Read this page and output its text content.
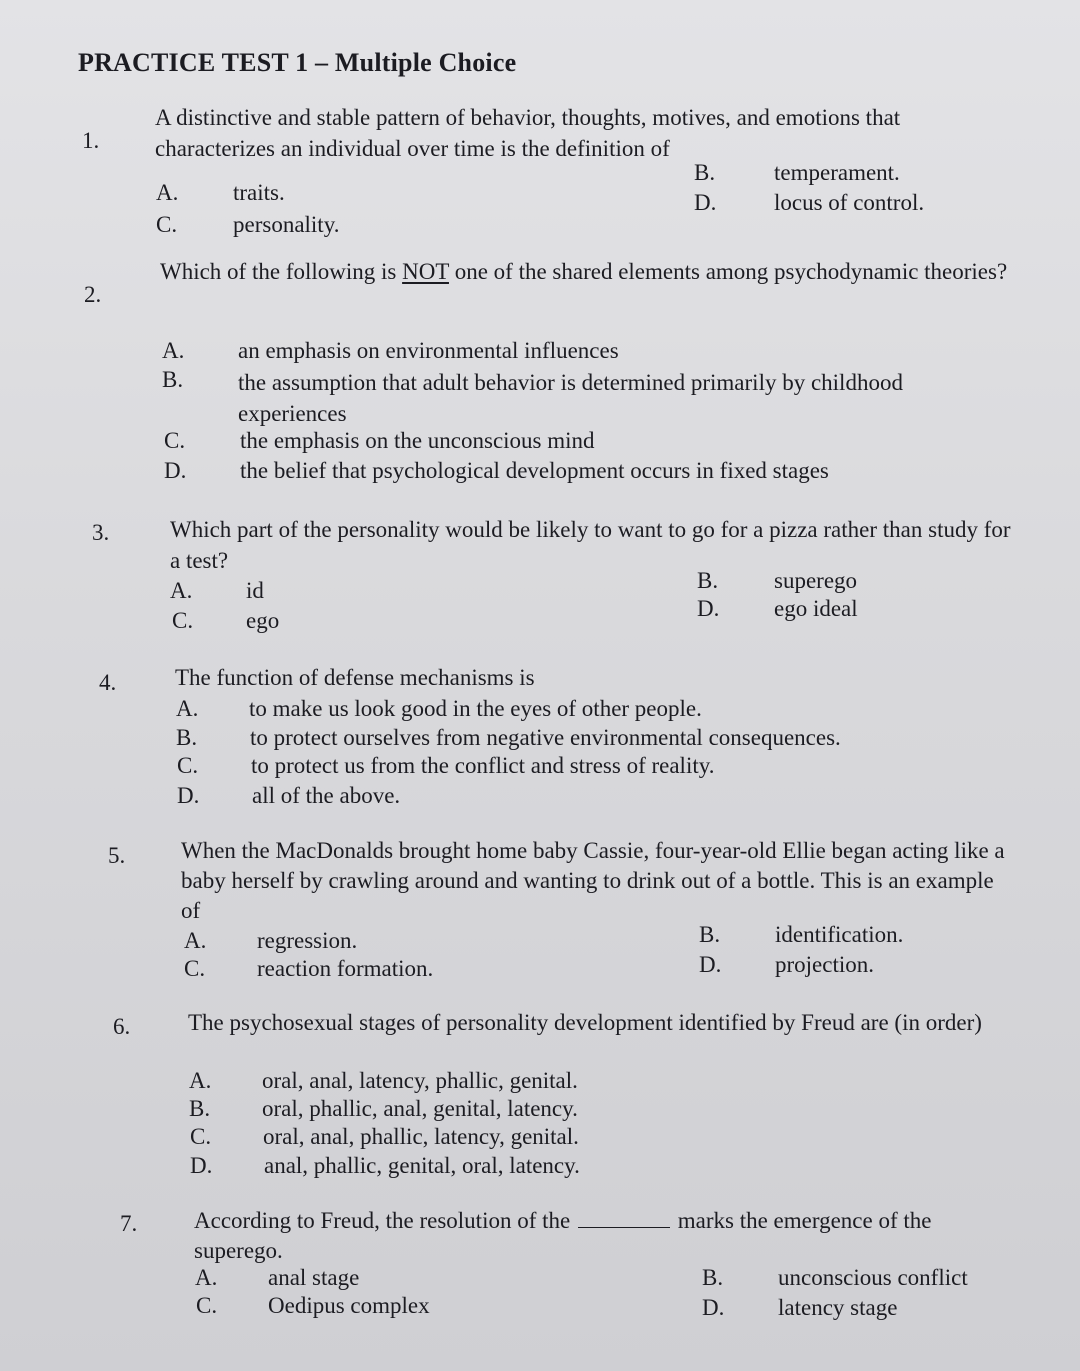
PRACTICE TEST 1 – Multiple Choice
1.
A distinctive and stable pattern of behavior, thoughts, motives, and emotions that characterizes an individual over time is the definition of
A. traits.
B.	temperament.
C. personality.
D.	locus of control.
2.
Which of the following is NOT one of the shared elements among psychodynamic theories?
A. an emphasis on environmental influences
B. the assumption that adult behavior is determined primarily by childhood experiences
C. the emphasis on the unconscious mind
D. the belief that psychological development occurs in fixed stages
3.	Which part of the personality would be likely to want to go for a pizza rather than study for a test?
A. id	B. superego
C. ego	D. ego ideal
4.	The function of defense mechanisms is
A. to make us look good in the eyes of other people.
B. to protect ourselves from negative environmental consequences.
C. to protect us from the conflict and stress of reality.
D. all of the above.
5. When the MacDonalds brought home baby Cassie, four-year-old Ellie began acting like a baby herself by crawling around and wanting to drink out of a bottle. This is an example of
A. regression.	B. identification.
C. reaction formation.	D. projection.
6.	The psychosexual stages of personality development identified by Freud are (in order)
A. oral, anal, latency, phallic, genital.
B. oral, phallic, anal, genital, latency.
C. oral, anal, phallic, latency, genital.
D. anal, phallic, genital, oral, latency.
7. According to Freud, the resolution of the	marks the emergence of the superego.
A. anal stage	B. unconscious conflict
C. Oedipus complex	D. latency stage
